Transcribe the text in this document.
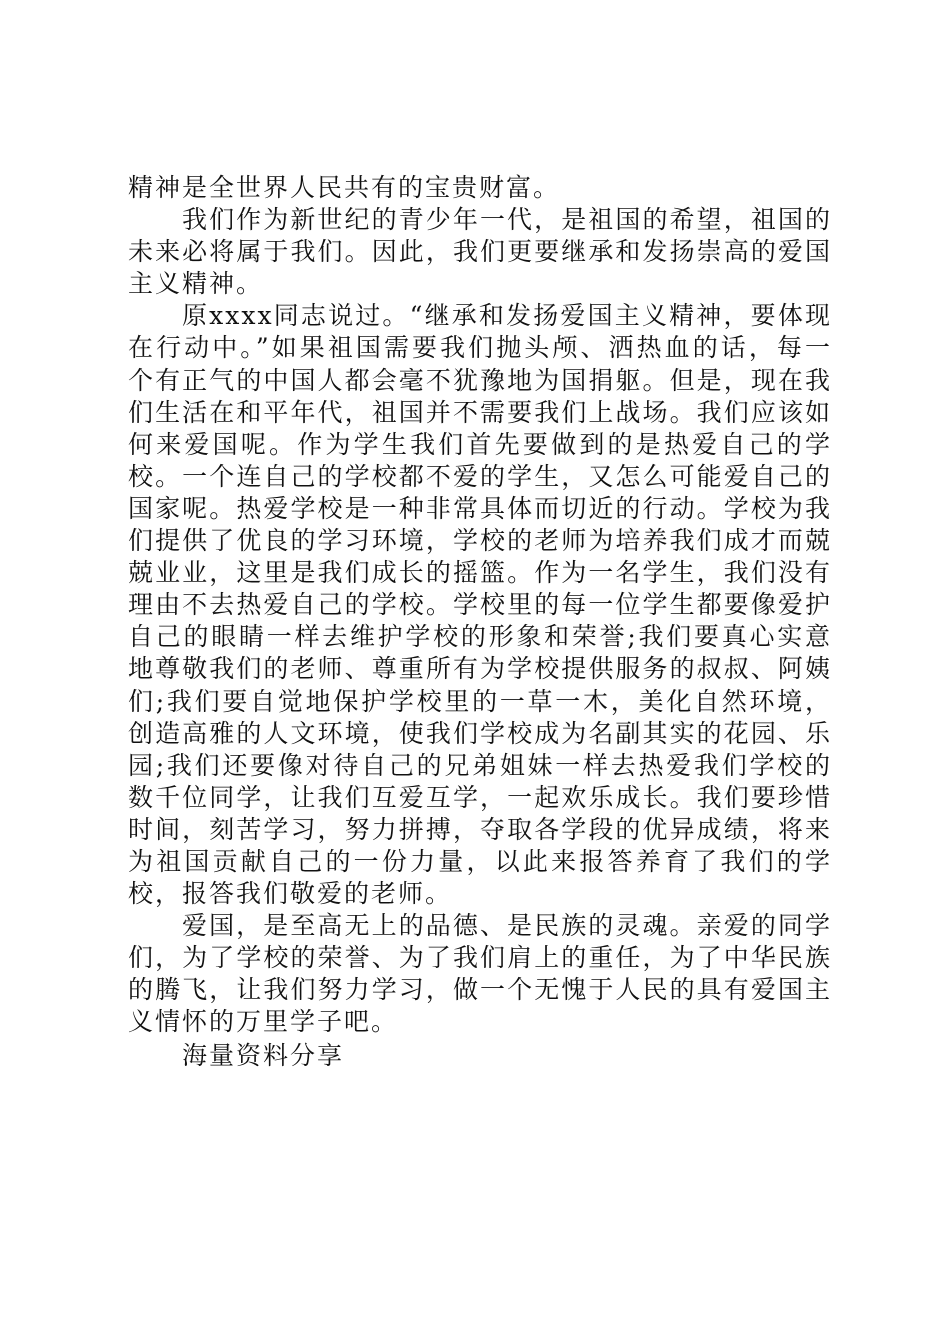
精神是全世界人民共有的宝贵财富。

我们作为新世纪的青少年一代，是祖国的希望，祖国的未来必将属于我们。因此，我们更要继承和发扬崇高的爱国主义精神。

原xxxx同志说过。“继承和发扬爱国主义精神，要体现在行动中。”如果祖国需要我们抛头颅、洒热血的话，每一个有正气的中国人都会毫不犹豫地为国捐躯。但是，现在我们生活在和平年代，祖国并不需要我们上战场。我们应该如何来爱国呢。作为学生我们首先要做到的是热爱自己的学校。一个连自己的学校都不爱的学生，又怎么可能爱自己的国家呢。热爱学校是一种非常具体而切近的行动。学校为我们提供了优良的学习环境，学校的老师为培养我们成才而兢兢业业，这里是我们成长的摇篮。作为一名学生，我们没有理由不去热爱自己的学校。学校里的每一位学生都要像爱护自己的眼睛一样去维护学校的形象和荣誉;我们要真心实意地尊敬我们的老师、尊重所有为学校提供服务的叔叔、阿姨们;我们要自觉地保护学校里的一草一木，美化自然环境，创造高雅的人文环境，使我们学校成为名副其实的花园、乐园;我们还要像对待自己的兄弟姐妹一样去热爱我们学校的数千位同学，让我们互爱互学，一起欢乐成长。我们要珍惜时间，刻苦学习，努力拼搏，夺取各学段的优异成绩，将来为祖国贡献自己的一份力量，以此来报答养育了我们的学校，报答我们敬爱的老师。

爱国，是至高无上的品德、是民族的灵魂。亲爱的同学们，为了学校的荣誉、为了我们肩上的重任，为了中华民族的腾飞，让我们努力学习，做一个无愧于人民的具有爱国主义情怀的万里学子吧。

海量资料分享
